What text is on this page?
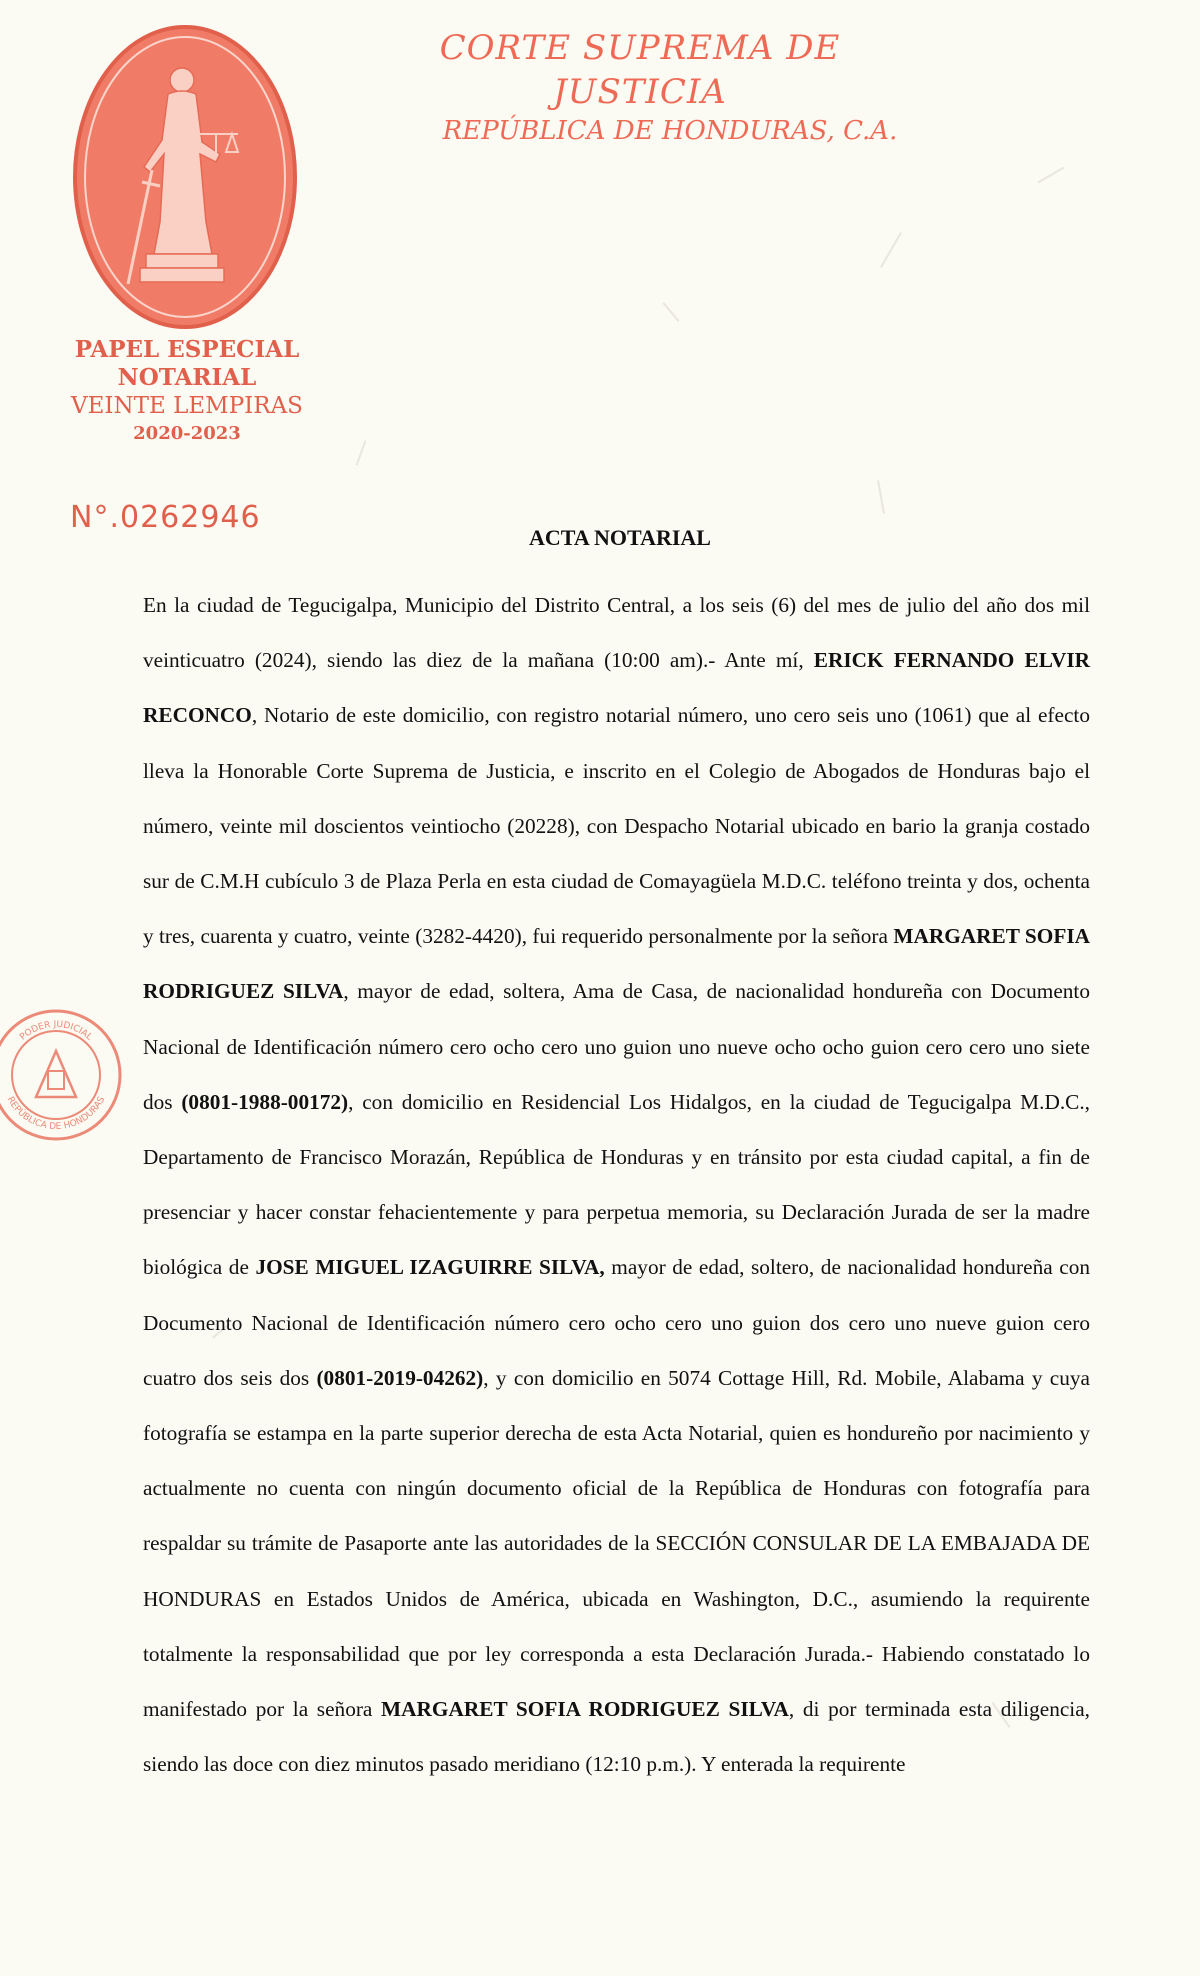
CORTE SUPREMA DE JUSTICIA
REPÚBLICA DE HONDURAS, C.A.
PAPEL ESPECIAL
NOTARIAL
VEINTE LEMPIRAS
2020-2023
N°.0262946
PODER JUDICIAL
REPÚBLICA DE HONDURAS
ACTA NOTARIAL

En la ciudad de Tegucigalpa, Municipio del Distrito Central, a los seis (6) del mes de julio del año dos mil veinticuatro (2024), siendo las diez de la mañana (10:00 am).- Ante mí, ERICK FERNANDO ELVIR RECONCO, Notario de este domicilio, con registro notarial número, uno cero seis uno (1061) que al efecto lleva la Honorable Corte Suprema de Justicia, e inscrito en el Colegio de Abogados de Honduras bajo el número, veinte mil doscientos veintiocho (20228), con Despacho Notarial ubicado en bario la granja costado sur de C.M.H cubículo 3 de Plaza Perla en esta ciudad de Comayagüela M.D.C. teléfono treinta y dos, ochenta y tres, cuarenta y cuatro, veinte (3282-4420), fui requerido personalmente por la señora MARGARET SOFIA RODRIGUEZ SILVA, mayor de edad, soltera, Ama de Casa, de nacionalidad hondureña con Documento Nacional de Identificación número cero ocho cero uno guion uno nueve ocho ocho guion cero cero uno siete dos (0801-1988-00172), con domicilio en Residencial Los Hidalgos, en la ciudad de Tegucigalpa M.D.C., Departamento de Francisco Morazán, República de Honduras y en tránsito por esta ciudad capital, a fin de presenciar y hacer constar fehacientemente y para perpetua memoria, su Declaración Jurada de ser la madre biológica de JOSE MIGUEL IZAGUIRRE SILVA, mayor de edad, soltero, de nacionalidad hondureña con Documento Nacional de Identificación número cero ocho cero uno guion dos cero uno nueve guion cero cuatro dos seis dos (0801-2019-04262), y con domicilio en 5074 Cottage Hill, Rd. Mobile, Alabama y cuya fotografía se estampa en la parte superior derecha de esta Acta Notarial, quien es hondureño por nacimiento y actualmente no cuenta con ningún documento oficial de la República de Honduras con fotografía para respaldar su trámite de Pasaporte ante las autoridades de la SECCIÓN CONSULAR DE LA EMBAJADA DE HONDURAS en Estados Unidos de América, ubicada en Washington, D.C., asumiendo la requirente totalmente la responsabilidad que por ley corresponda a esta Declaración Jurada.- Habiendo constatado lo manifestado por la señora MARGARET SOFIA RODRIGUEZ SILVA, di por terminada esta diligencia, siendo las doce con diez minutos pasado meridiano (12:10 p.m.). Y enterada la requirente
